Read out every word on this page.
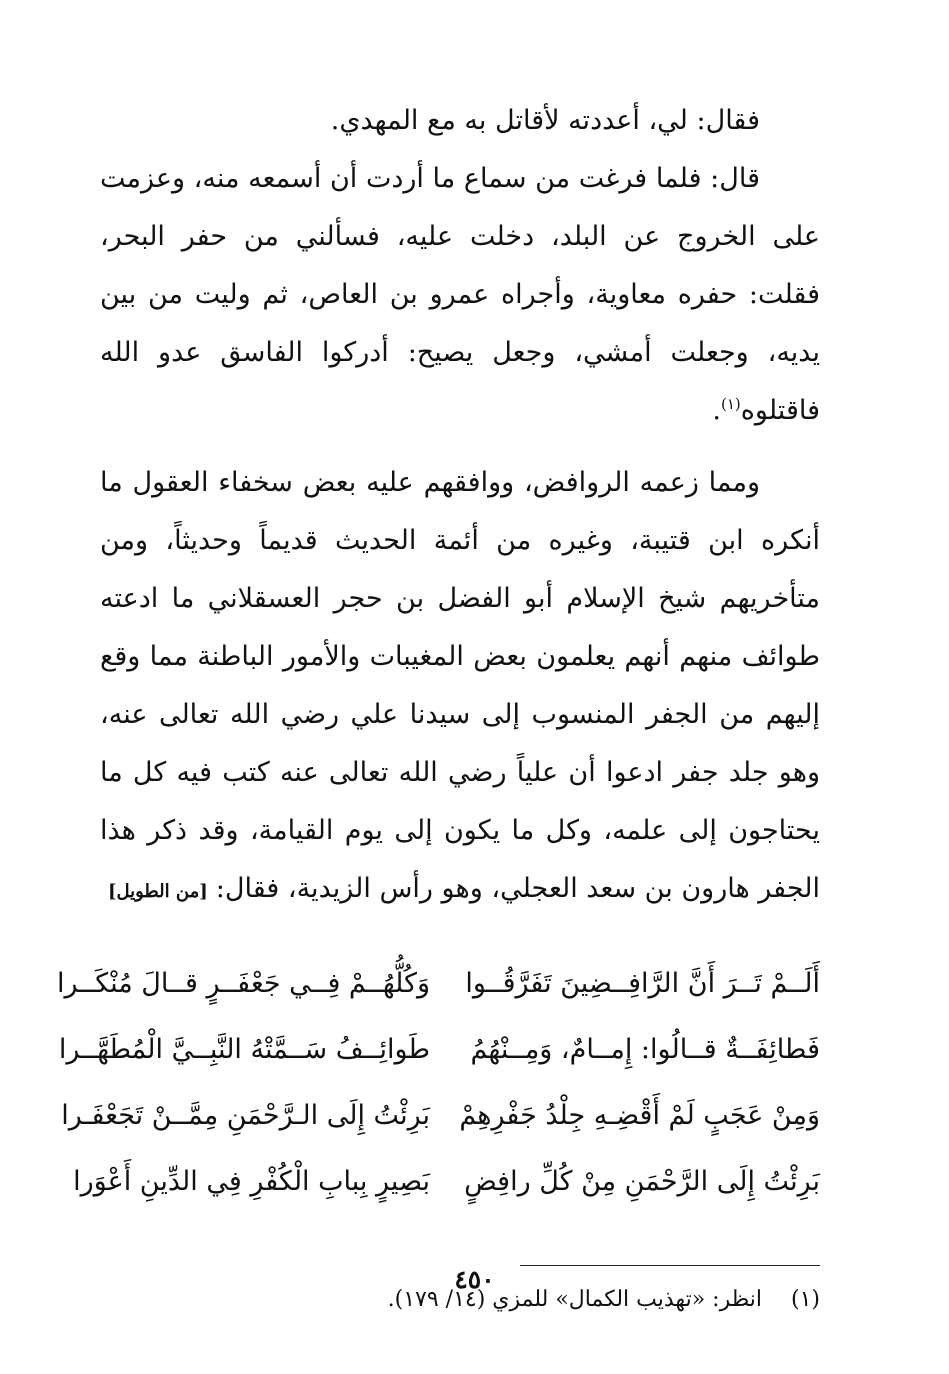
فقال: لي، أعددته لأقاتل به مع المهدي.

قال: فلما فرغت من سماع ما أردت أن أسمعه منه، وعزمت على الخروج عن البلد، دخلت عليه، فسألني من حفر البحر، فقلت: حفره معاوية، وأجراه عمرو بن العاص، ثم وليت من بين يديه، وجعلت أمشي، وجعل يصيح: أدركوا الفاسق عدو الله فاقتلوه$^{(١)}$.

ومما زعمه الروافض، ووافقهم عليه بعض سخفاء العقول ما أنكره ابن قتيبة، وغيره من أئمة الحديث قديماً وحديثاً، ومن متأخريهم شيخ الإسلام أبو الفضل بن حجر العسقلاني ما ادعته طوائف منهم أنهم يعلمون بعض المغيبات والأمور الباطنة مما وقع إليهم من الجفر المنسوب إلى سيدنا علي رضي الله تعالى عنه، وهو جلد جفر ادعوا أن علياً رضي الله تعالى عنه كتب فيه كل ما يحتاجون إلى علمه، وكل ما يكون إلى يوم القيامة، وقد ذكر هذا الجفر هارون بن سعد العجلي، وهو رأس الزيدية، فقال:[من الطويل]

أَلَــمْ تَــرَ أَنَّ الرَّافِــضِينَ تَفَرَّقُــوا
وَكُلُّهُــمْ فِــي جَعْفَــرٍ قــالَ مُنْكَــرا
فَطائِفَــةٌ قــالُوا: إِمــامٌ، وَمِــنْهُمُ
طَوائِــفُ سَــمَّتْهُ النَّبِــيَّ الْمُطَهَّــرا
وَمِنْ عَجَبٍ لَمْ أَقْضِـهِ جِلْدُ جَفْرِهِمْ
بَرِئْتُ إِلَى الـرَّحْمَنِ مِمَّــنْ تَجَعْفَـرا
بَرِئْتُ إِلَى الرَّحْمَنِ مِنْ كُلِّ رافِضٍ
بَصِيرٍ بِبابِ الْكُفْرِ فِي الدِّينِ أَعْوَرا
(١) انظر: «تهذيب الكمال» للمزي (١٤/ ١٧٩).
٤٥٠
